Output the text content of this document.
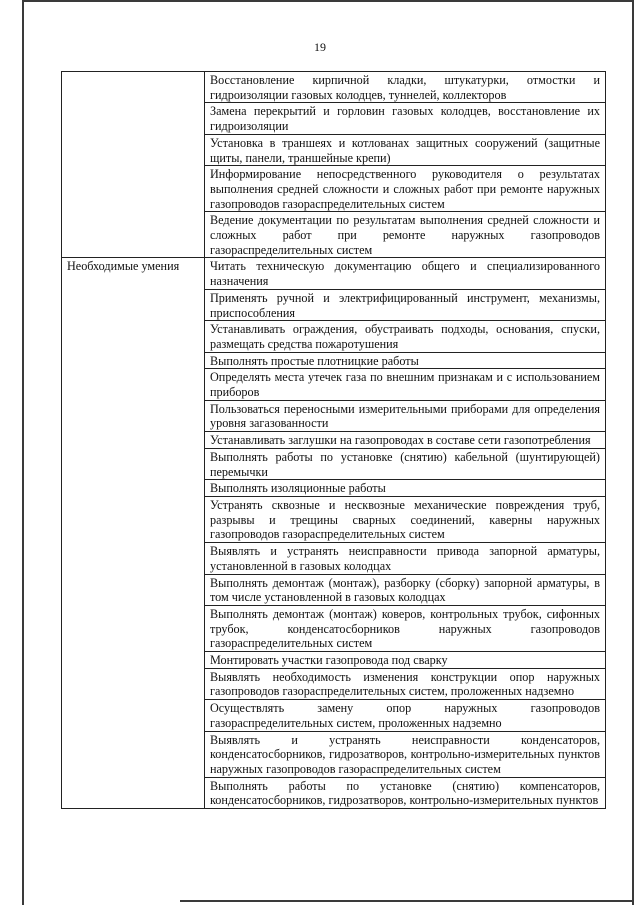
19
	Восстановление кирпичной кладки, штукатурки, отмостки и гидроизоляции газовых колодцев, туннелей, коллекторов
	Замена перекрытий и горловин газовых колодцев, восстановление их гидроизоляции
	Установка в траншеях и котлованах защитных сооружений (защитные щиты, панели, траншейные крепи)
	Информирование непосредственного руководителя о результатах выполнения средней сложности и сложных работ при ремонте наружных газопроводов газораспределительных систем
	Ведение документации по результатам выполнения средней сложности и сложных работ при ремонте наружных газопроводов газораспределительных систем
Необходимые умения	Читать техническую документацию общего и специализированного назначения
	Применять ручной и электрифицированный инструмент, механизмы, приспособления
	Устанавливать ограждения, обустраивать подходы, основания, спуски, размещать средства пожаротушения
	Выполнять простые плотницкие работы
	Определять места утечек газа по внешним признакам и с использованием приборов
	Пользоваться переносными измерительными приборами для определения уровня загазованности
	Устанавливать заглушки на газопроводах в составе сети газопотребления
	Выполнять работы по установке (снятию) кабельной (шунтирующей) перемычки
	Выполнять изоляционные работы
	Устранять сквозные и несквозные механические повреждения труб, разрывы и трещины сварных соединений, каверны наружных газопроводов газораспределительных систем
	Выявлять и устранять неисправности привода запорной арматуры, установленной в газовых колодцах
	Выполнять демонтаж (монтаж), разборку (сборку) запорной арматуры, в том числе установленной в газовых колодцах
	Выполнять демонтаж (монтаж) коверов, контрольных трубок, сифонных трубок, конденсатосборников наружных газопроводов газораспределительных систем
	Монтировать участки газопровода под сварку
	Выявлять необходимость изменения конструкции опор наружных газопроводов газораспределительных систем, проложенных надземно
	Осуществлять замену опор наружных газопроводов газораспределительных систем, проложенных надземно
	Выявлять и устранять неисправности конденсаторов, конденсатосборников, гидрозатворов, контрольно-измерительных пунктов наружных газопроводов газораспределительных систем
	Выполнять работы по установке (снятию) компенсаторов, конденсатосборников, гидрозатворов, контрольно-измерительных пунктов
